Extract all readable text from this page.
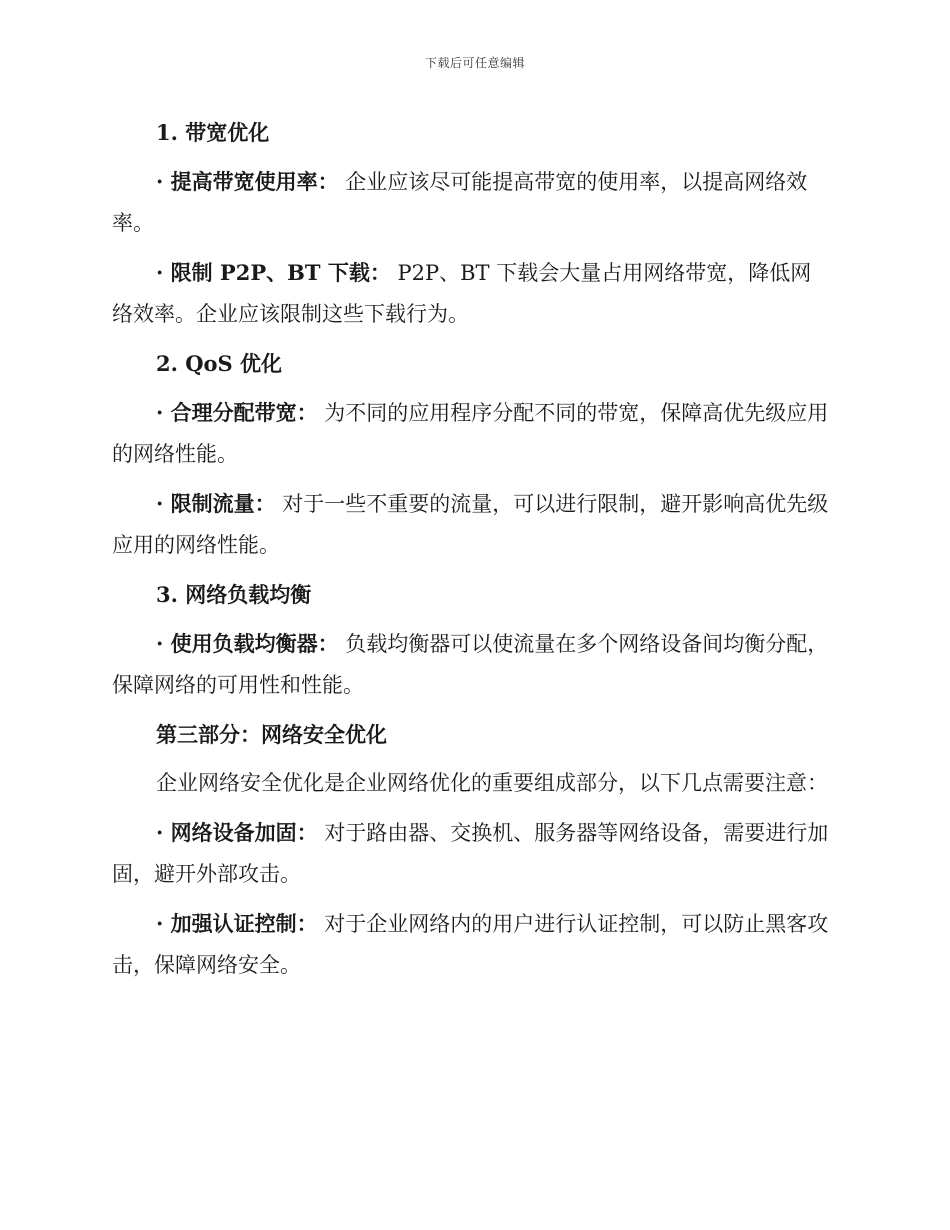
下载后可任意编辑
1. 带宽优化

· 提高带宽使用率： 企业应该尽可能提高带宽的使用率，以提高网络效率。

· 限制 P2P、BT 下载： P2P、BT 下载会大量占用网络带宽，降低网络效率。企业应该限制这些下载行为。

2. QoS 优化

· 合理分配带宽： 为不同的应用程序分配不同的带宽，保障高优先级应用的网络性能。

· 限制流量： 对于一些不重要的流量，可以进行限制，避开影响高优先级应用的网络性能。

3. 网络负载均衡

· 使用负载均衡器： 负载均衡器可以使流量在多个网络设备间均衡分配，保障网络的可用性和性能。

第三部分：网络安全优化

企业网络安全优化是企业网络优化的重要组成部分，以下几点需要注意：

· 网络设备加固： 对于路由器、交换机、服务器等网络设备，需要进行加固，避开外部攻击。

· 加强认证控制： 对于企业网络内的用户进行认证控制，可以防止黑客攻击，保障网络安全。
